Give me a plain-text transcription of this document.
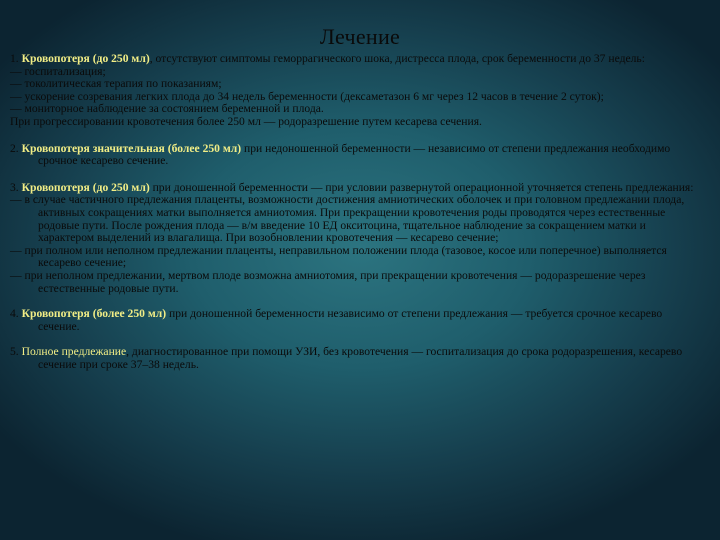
Лечение

1. Кровопотеря (до 250 мл), отсутствуют симптомы геморрагического шока, дистресса плода, срок беременности до 37 недель:

— госпитализация;

— токолитическая терапия по показаниям;

— ускорение созревания легких плода до 34 недель беременности (дексаметазон 6 мг через 12 часов в течение 2 суток);

— мониторное наблюдение за состоянием беременной и плода.

При прогрессировании кровотечения более 250 мл — родоразрешение путем кесарева сечения.

2. Кровопотеря значительная (более 250 мл) при недоношенной беременности — независимо от степени предлежания необходимо срочное кесарево сечение.

3. Кровопотеря (до 250 мл) при доношенной беременности — при условии развернутой операционной уточняется степень предлежания:

— в случае частичного предлежания плаценты, возможности достижения амниотических оболочек и при головном предлежании плода, активных сокращениях матки выполняется амниотомия. При прекращении кровотечения роды проводятся через естественные родовые пути. После рождения плода — в/м введение 10 ЕД окситоцина, тщательное наблюдение за сокращением матки и характером выделений из влагалища. При возобновлении кровотечения — кесарево сечение;

— при полном или неполном предлежании плаценты, неправильном положении плода (тазовое, косое или поперечное) выполняется кесарево сечение;

— при неполном предлежании, мертвом плоде возможна амниотомия, при прекращении кровотечения — родоразрешение через естественные родовые пути.

4. Кровопотеря (более 250 мл) при доношенной беременности независимо от степени предлежания — требуется срочное кесарево сечение.

5. Полное предлежание, диагностированное при помощи УЗИ, без кровотечения — госпитализация до срока родоразрешения, кесарево сечение при сроке 37–38 недель.
